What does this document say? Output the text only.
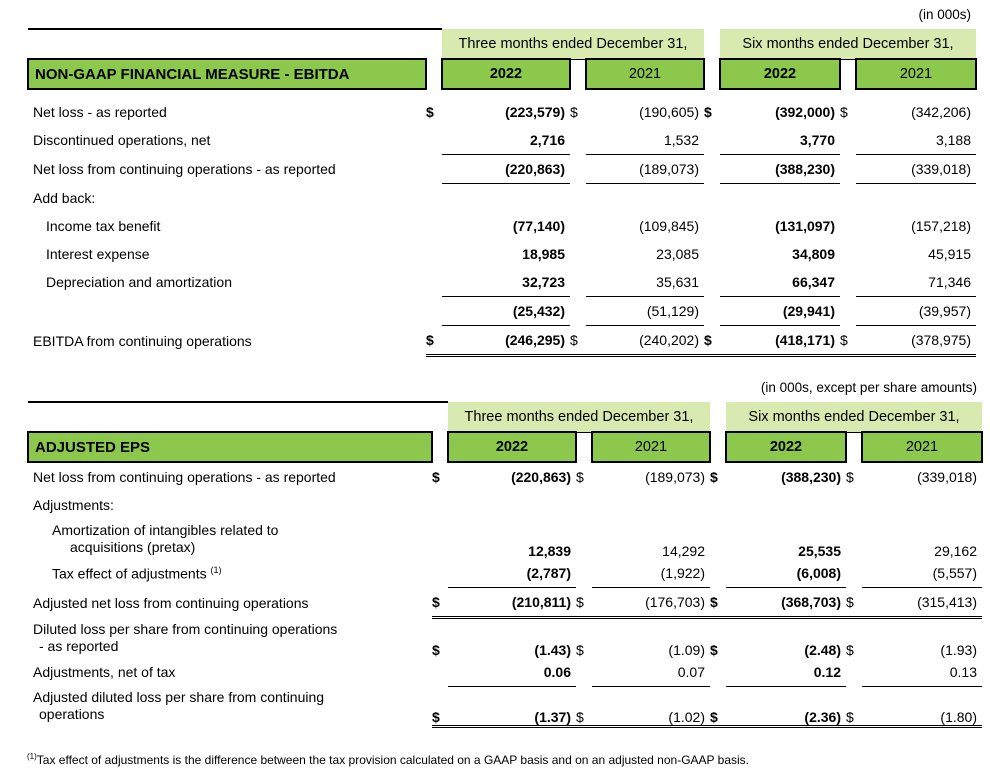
(in 000s)								
		Three months ended December 31,				Six months ended December 31,		
NON-GAAP FINANCIAL MEASURE - EBITDA		2022		2021		2022		2021

Net loss - as reported	$	(223,579)	$	(190,605)	$	(392,000)	$	(342,206)
Discontinued operations, net		2,716		1,532		3,770		3,188
Net loss from continuing operations - as reported		(220,863)		(189,073)		(388,230)		(339,018)
Add back:								
Income tax benefit		(77,140)		(109,845)		(131,097)		(157,218)
Interest expense		18,985		23,085		34,809		45,915
Depreciation and amortization		32,723		35,631		66,347		71,346
		(25,432)		(51,129)		(29,941)		(39,957)
EBITDA from continuing operations	$	(246,295)	$	(240,202)	$	(418,171)	$	(378,975)
(in 000s, except per share amounts)								
		Three months ended December 31,				Six months ended December 31,		
ADJUSTED EPS		2022		2021		2022		2021
Net loss from continuing operations - as reported	$	(220,863)	$	(189,073)	$	(388,230)	$	(339,018)
Adjustments:								

Amortization of intangibles related to
acquisitions (pretax)		12,839		14,292		25,535		29,162
Tax effect of adjustments $^{(1)}$		(2,787)		(1,922)		(6,008)		(5,557)
Adjusted net loss from continuing operations	$	(210,811)	$	(176,703)	$	(368,703)	$	(315,413)

Diluted loss per share from continuing operations
- as reported	$	(1.43)	$	(1.09)	$	(2.48)	$	(1.93)
Adjustments, net of tax		0.06		0.07		0.12		0.13

Adjusted diluted loss per share from continuing
operations	$	(1.37)	$	(1.02)	$	(2.36)	$	(1.80)
$^{(1)}$Tax effect of adjustments is the difference between the tax provision calculated on a GAAP basis and on an adjusted non-GAAP basis.
